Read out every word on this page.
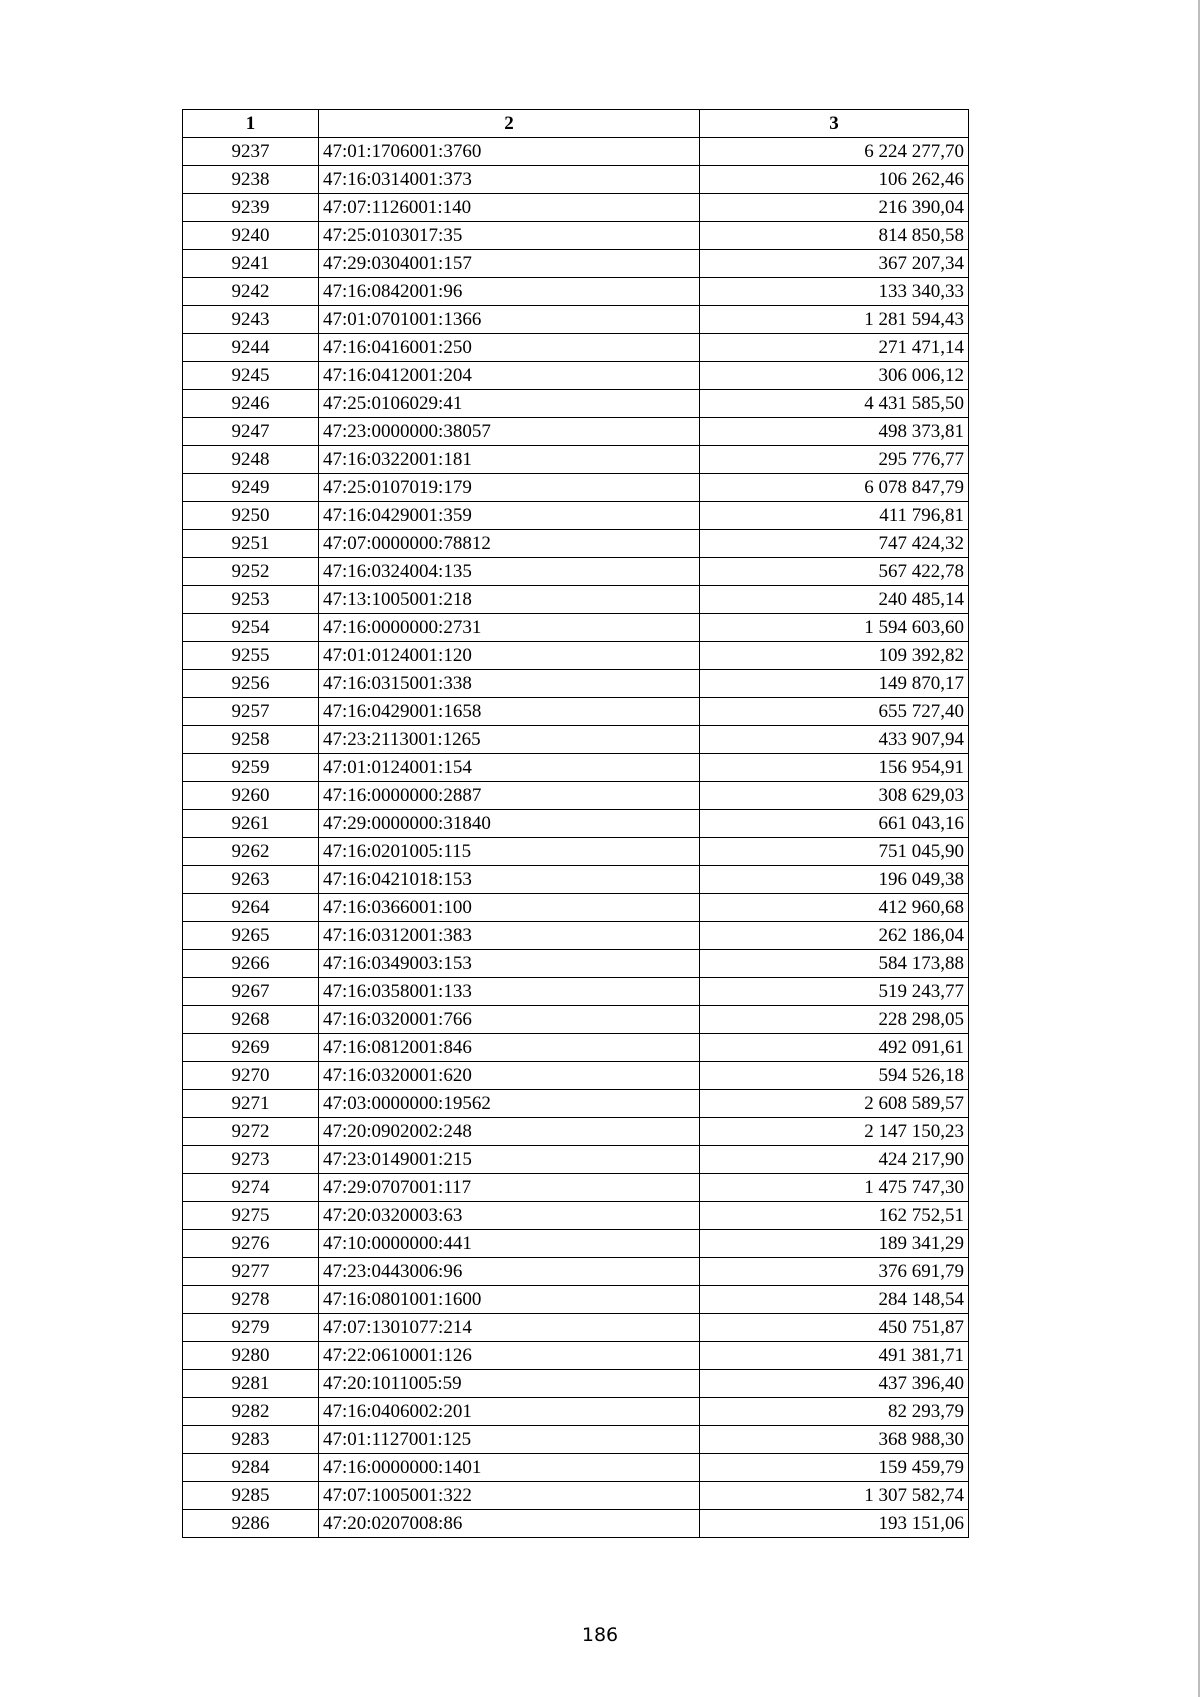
1	2	3
9237	47:01:1706001:3760	6 224 277,70
9238	47:16:0314001:373	106 262,46
9239	47:07:1126001:140	216 390,04
9240	47:25:0103017:35	814 850,58
9241	47:29:0304001:157	367 207,34
9242	47:16:0842001:96	133 340,33
9243	47:01:0701001:1366	1 281 594,43
9244	47:16:0416001:250	271 471,14
9245	47:16:0412001:204	306 006,12
9246	47:25:0106029:41	4 431 585,50
9247	47:23:0000000:38057	498 373,81
9248	47:16:0322001:181	295 776,77
9249	47:25:0107019:179	6 078 847,79
9250	47:16:0429001:359	411 796,81
9251	47:07:0000000:78812	747 424,32
9252	47:16:0324004:135	567 422,78
9253	47:13:1005001:218	240 485,14
9254	47:16:0000000:2731	1 594 603,60
9255	47:01:0124001:120	109 392,82
9256	47:16:0315001:338	149 870,17
9257	47:16:0429001:1658	655 727,40
9258	47:23:2113001:1265	433 907,94
9259	47:01:0124001:154	156 954,91
9260	47:16:0000000:2887	308 629,03
9261	47:29:0000000:31840	661 043,16
9262	47:16:0201005:115	751 045,90
9263	47:16:0421018:153	196 049,38
9264	47:16:0366001:100	412 960,68
9265	47:16:0312001:383	262 186,04
9266	47:16:0349003:153	584 173,88
9267	47:16:0358001:133	519 243,77
9268	47:16:0320001:766	228 298,05
9269	47:16:0812001:846	492 091,61
9270	47:16:0320001:620	594 526,18
9271	47:03:0000000:19562	2 608 589,57
9272	47:20:0902002:248	2 147 150,23
9273	47:23:0149001:215	424 217,90
9274	47:29:0707001:117	1 475 747,30
9275	47:20:0320003:63	162 752,51
9276	47:10:0000000:441	189 341,29
9277	47:23:0443006:96	376 691,79
9278	47:16:0801001:1600	284 148,54
9279	47:07:1301077:214	450 751,87
9280	47:22:0610001:126	491 381,71
9281	47:20:1011005:59	437 396,40
9282	47:16:0406002:201	82 293,79
9283	47:01:1127001:125	368 988,30
9284	47:16:0000000:1401	159 459,79
9285	47:07:1005001:322	1 307 582,74
9286	47:20:0207008:86	193 151,06
186
